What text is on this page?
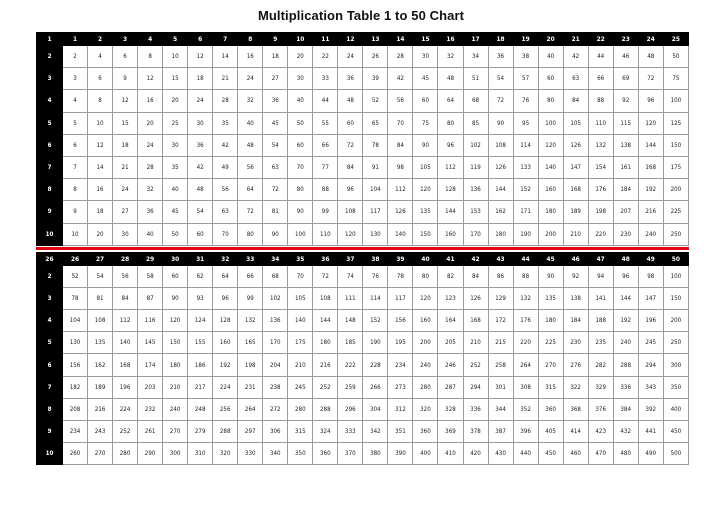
Multiplication Table 1 to 50 Chart
1	1	2	3	4	5	6	7	8	9	10	11	12	13	14	15	16	17	18	19	20	21	22	23	24	25
2	2	4	6	8	10	12	14	16	18	20	22	24	26	28	30	32	34	36	38	40	42	44	46	48	50
3	3	6	9	12	15	18	21	24	27	30	33	36	39	42	45	48	51	54	57	60	63	66	69	72	75
4	4	8	12	16	20	24	28	32	36	40	44	48	52	56	60	64	68	72	76	80	84	88	92	96	100
5	5	10	15	20	25	30	35	40	45	50	55	60	65	70	75	80	85	90	95	100	105	110	115	120	125
6	6	12	18	24	30	36	42	48	54	60	66	72	78	84	90	96	102	108	114	120	126	132	138	144	150
7	7	14	21	28	35	42	49	56	63	70	77	84	91	98	105	112	119	126	133	140	147	154	161	168	175
8	8	16	24	32	40	48	56	64	72	80	88	96	104	112	120	128	136	144	152	160	168	176	184	192	200
9	9	18	27	36	45	54	63	72	81	90	99	108	117	126	135	144	153	162	171	180	189	198	207	216	225
10	10	20	30	40	50	60	70	80	90	100	110	120	130	140	150	160	170	180	190	200	210	220	230	240	250
26	26	27	28	29	30	31	32	33	34	35	36	37	38	39	40	41	42	43	44	45	46	47	48	49	50
2	52	54	56	58	60	62	64	66	68	70	72	74	76	78	80	82	84	86	88	90	92	94	96	98	100
3	78	81	84	87	90	93	96	99	102	105	108	111	114	117	120	123	126	129	132	135	138	141	144	147	150
4	104	108	112	116	120	124	128	132	136	140	144	148	152	156	160	164	168	172	176	180	184	188	192	196	200
5	130	135	140	145	150	155	160	165	170	175	180	185	190	195	200	205	210	215	220	225	230	235	240	245	250
6	156	162	168	174	180	186	192	198	204	210	216	222	228	234	240	246	252	258	264	270	276	282	288	294	300
7	182	189	196	203	210	217	224	231	238	245	252	259	266	273	280	287	294	301	308	315	322	329	336	343	350
8	208	216	224	232	240	248	256	264	272	280	288	296	304	312	320	328	336	344	352	360	368	376	384	392	400
9	234	243	252	261	270	279	288	297	306	315	324	333	342	351	360	369	378	387	396	405	414	423	432	441	450
10	260	270	280	290	300	310	320	330	340	350	360	370	380	390	400	410	420	430	440	450	460	470	480	490	500
